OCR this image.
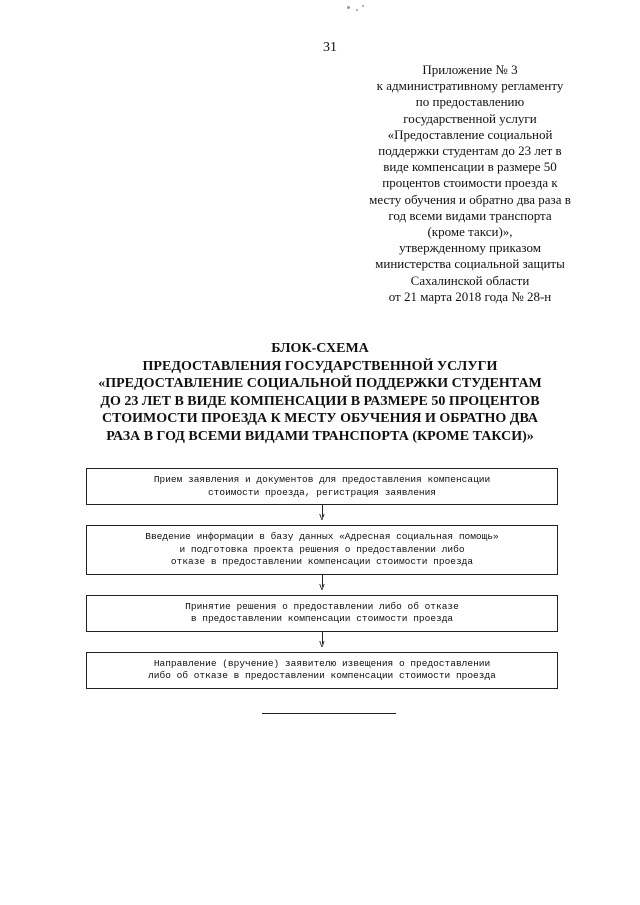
31
Приложение № 3
к административному регламенту
по предоставлению
государственной услуги
«Предоставление социальной
поддержки студентам до 23 лет в
виде компенсации в размере 50
процентов стоимости проезда к
месту обучения и обратно два раза в
год всеми видами транспорта
(кроме такси)»,
утвержденному приказом
министерства социальной защиты
Сахалинской области
от 21 марта 2018 года № 28-н
БЛОК-СХЕМА
ПРЕДОСТАВЛЕНИЯ ГОСУДАРСТВЕННОЙ УСЛУГИ
«ПРЕДОСТАВЛЕНИЕ СОЦИАЛЬНОЙ ПОДДЕРЖКИ СТУДЕНТАМ
ДО 23 ЛЕТ В ВИДЕ КОМПЕНСАЦИИ В РАЗМЕРЕ 50 ПРОЦЕНТОВ
СТОИМОСТИ ПРОЕЗДА К МЕСТУ ОБУЧЕНИЯ И ОБРАТНО ДВА
РАЗА В ГОД ВСЕМИ ВИДАМИ ТРАНСПОРТА (КРОМЕ ТАКСИ)»
Прием заявления и документов для предоставления компенсации
стоимости проезда, регистрация заявления
V
Введение информации в базу данных «Адресная социальная помощь»
и подготовка проекта решения о предоставлении либо
отказе в предоставлении компенсации стоимости проезда
V
Принятие решения о предоставлении либо об отказе
в предоставлении компенсации стоимости проезда
V
Направление (вручение) заявителю извещения о предоставлении
либо об отказе в предоставлении компенсации стоимости проезда
